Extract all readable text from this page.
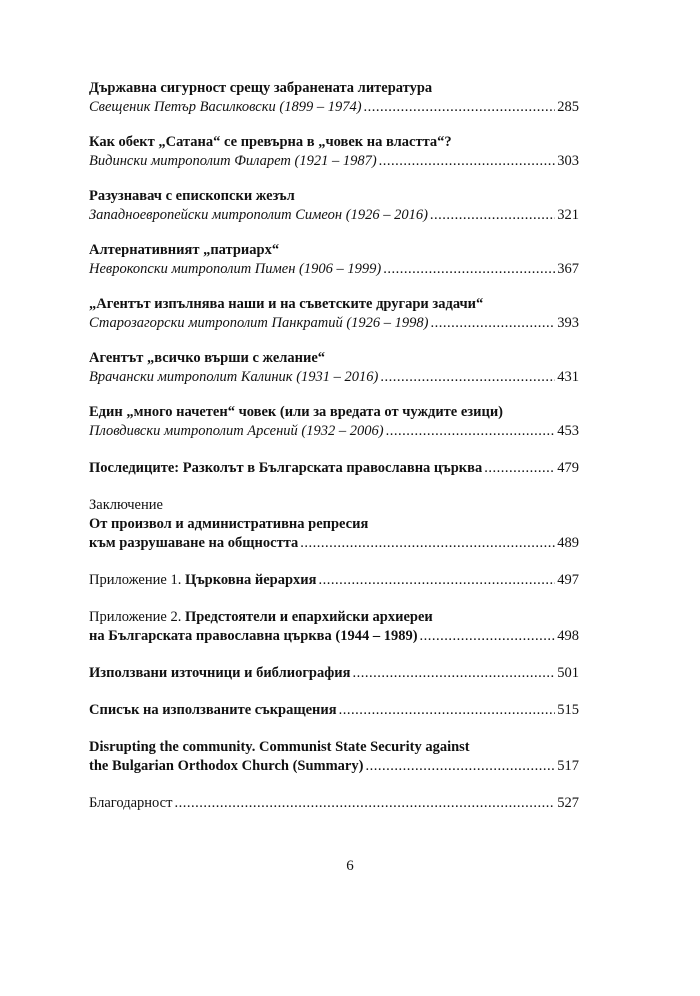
Държавна сигурност срещу забранената литература
Свещеник Петър Василковски (1899 – 1974) .....	285
Как обект „Сатана“ се превърна в „човек на властта“?
Видински митрополит Филарет (1921 – 1987) .....	303
Разузнавач с епископски жезъл
Западноевропейски митрополит Симеон (1926 – 2016) .....	321
Алтернативният „патриарх“
Неврокопски митрополит Пимен (1906 – 1999) .....	367
„Агентът изпълнява наши и на съветските другари задачи“
Старозагорски митрополит Панкратий (1926 – 1998) .....	393
Агентът „всичко върши с желание“
Врачански митрополит Калиник (1931 – 2016) .....	431
Един „много начетен“ човек (или за вредата от чуждите езици)
Пловдивски митрополит Арсений (1932 – 2006) .....	453
Последиците: Разколът в Българската православна църква .....	479
Заключение
От произвол и административна репресия
към разрушаване на общността .....	489
Приложение 1. Църковна йерархия .....	497
Приложение 2. Предстоятели и епархийски архиереи
на Българската православна църква (1944 – 1989) .....	498
Използвани източници и библиография .....	501
Списък на използваните съкращения .....	515
Disrupting the community. Communist State Security against
the Bulgarian Orthodox Church (Summary) .....	517
Благодарност .....	527
6
